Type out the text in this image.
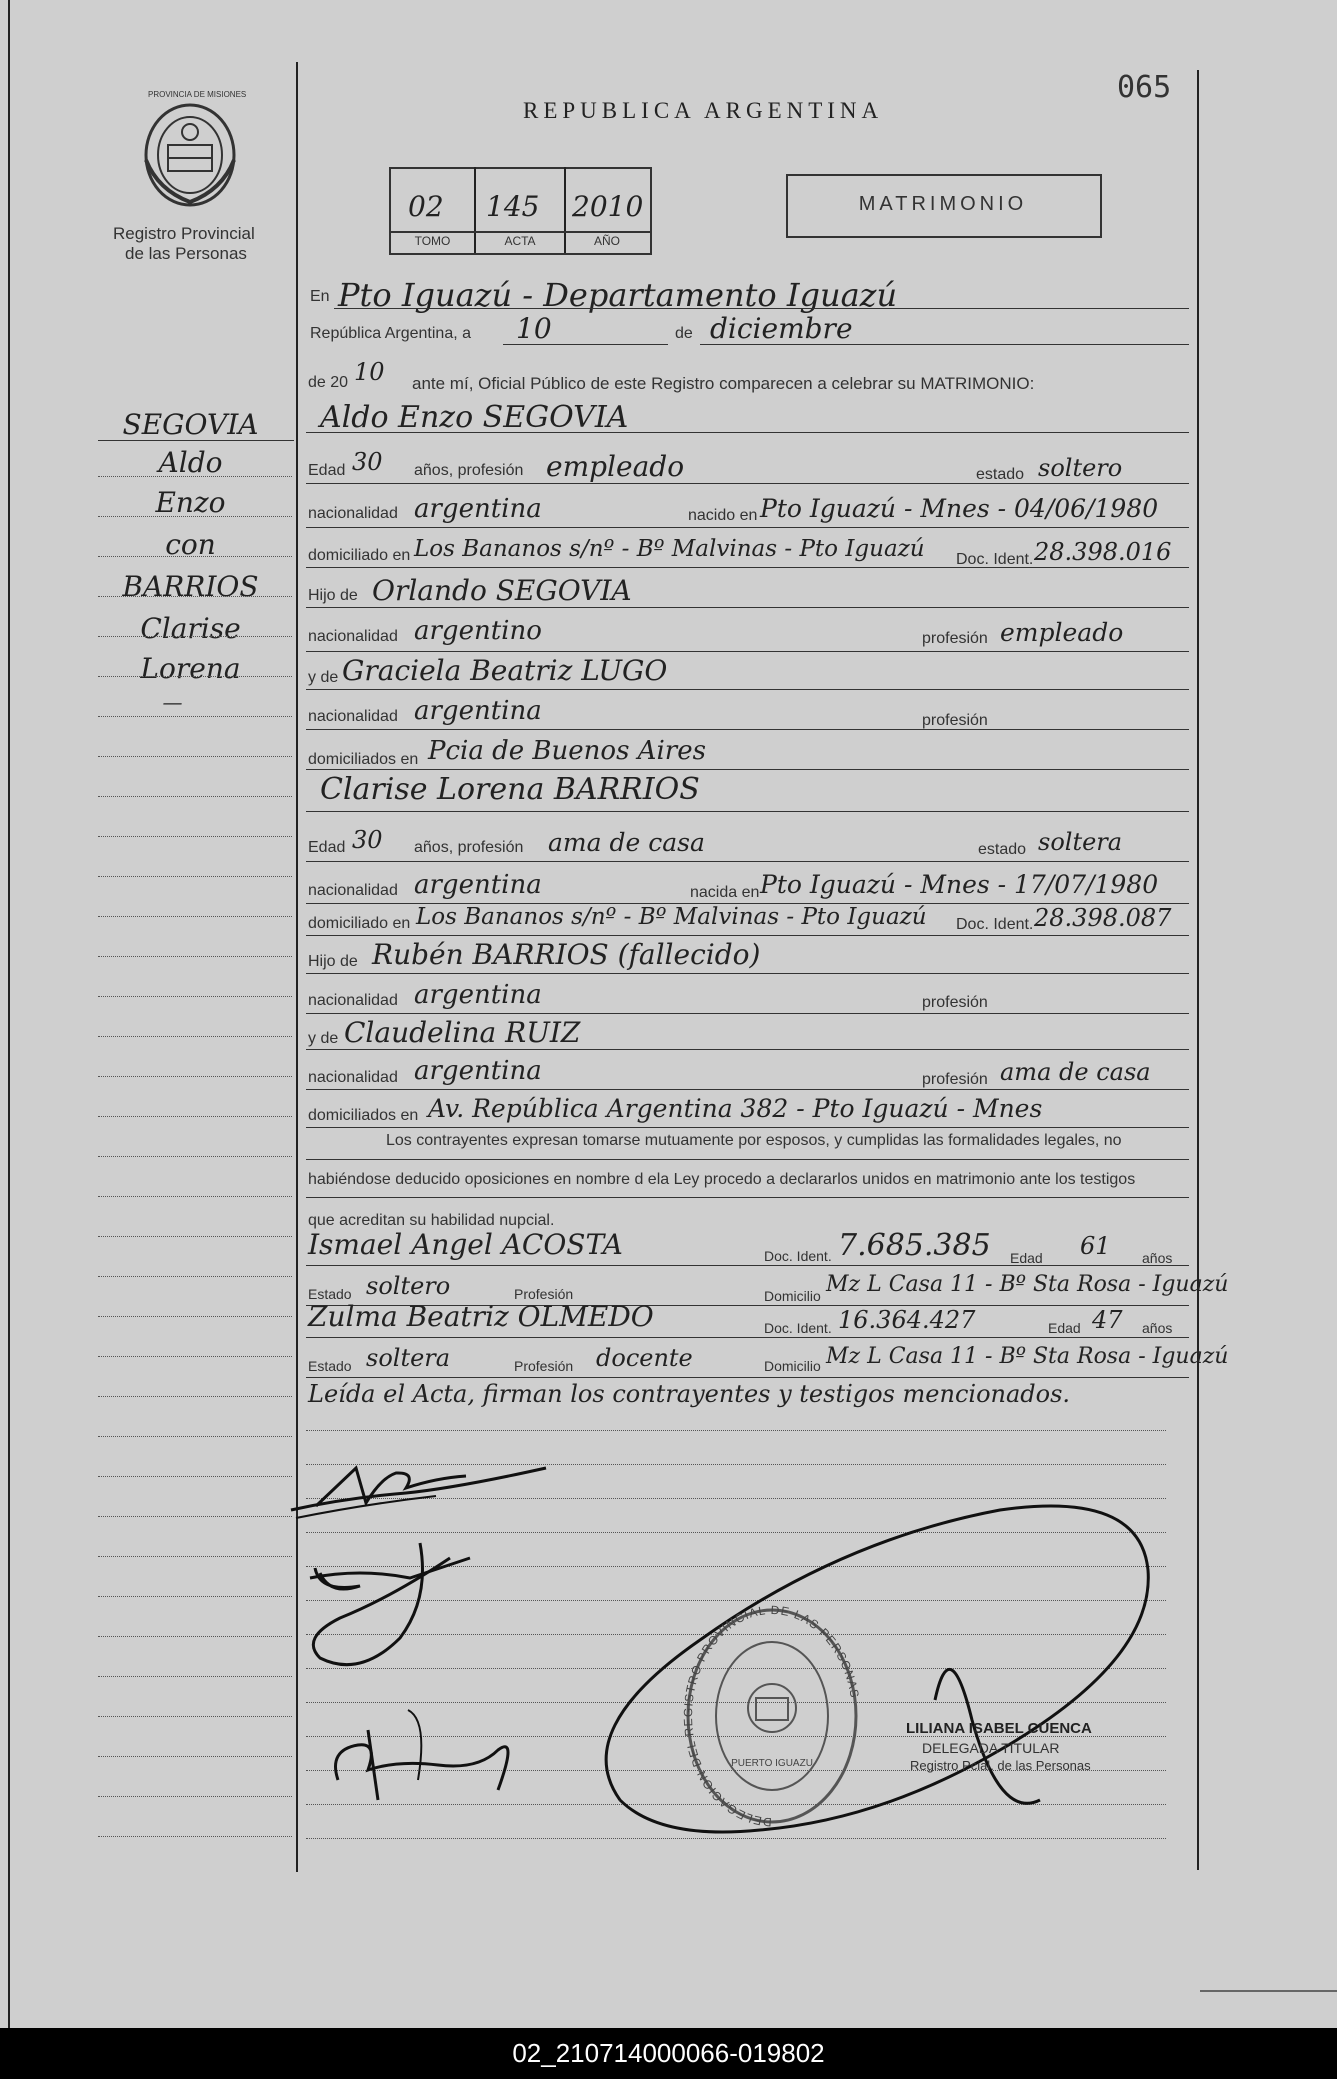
PROVINCIA DE MISIONES
Registro Provincial
de las Personas
REPUBLICA ARGENTINA
065
02 145 2010
TOMO	ACTA	AÑO
MATRIMONIO
SEGOVIA
Aldo
Enzo
con
BARRIOS
Clarise
Lorena
—
En Pto Iguazú - Departamento Iguazú
República Argentina, a 10	de diciembre
de 20 10 ante mí, Oficial Público de este Registro comparecen a celebrar su MATRIMONIO:
Aldo Enzo SEGOVIA
Edad 30 años, profesión empleado	estado soltero
nacionalidad argentina	nacido en Pto Iguazú - Mnes - 04/06/1980
domiciliado en Los Bananos s/nº - Bº Malvinas - Pto Iguazú Doc. Ident. 28.398.016
Hijo de Orlando SEGOVIA
nacionalidad argentino	profesión empleado
y de Graciela Beatriz LUGO
nacionalidad argentina	profesión
domiciliados en Pcia de Buenos Aires
Clarise Lorena BARRIOS
Edad 30 años, profesión ama de casa	estado soltera
nacionalidad argentina	nacida en Pto Iguazú - Mnes - 17/07/1980
domiciliado en Los Bananos s/nº - Bº Malvinas - Pto Iguazú Doc. Ident. 28.398.087
Hijo de Rubén BARRIOS (fallecido)
nacionalidad argentina	profesión
y de Claudelina RUIZ
nacionalidad argentina	profesión ama de casa
domiciliados en Av. República Argentina 382 - Pto Iguazú - Mnes
Los contrayentes expresan tomarse mutuamente por esposos, y cumplidas las formalidades legales, no
habiéndose deducido oposiciones en nombre d ela Ley procedo a declararlos unidos en matrimonio ante los testigos
que acreditan su habilidad nupcial.
Ismael Angel ACOSTA	Doc. Ident. 7.685.385 Edad 61 años
Estado soltero	Profesión	Domicilio Mz L Casa 11 - Bº Sta Rosa - Iguazú
Zulma Beatriz OLMEDO	Doc. Ident. 16.364.427	Edad 47 años
Estado soltera	Profesión docente	Domicilio Mz L Casa 11 - Bº Sta Rosa - Iguazú
Leída el Acta, firman los contrayentes y testigos mencionados.
DELEGACION DEL REGISTRO PROVINCIAL DE LAS PERSONAS
PUERTO IGUAZU
LILIANA ISABEL CUENCA
DELEGADA TITULAR
Registro Pcial. de las Personas
02_210714000066-019802
